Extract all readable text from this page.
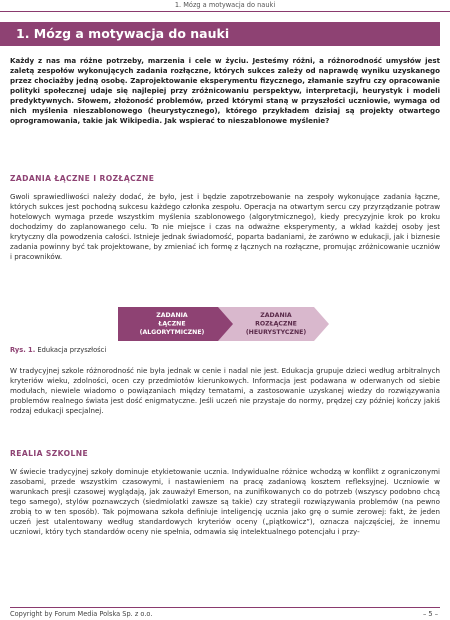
1. Mózg a motywacja do nauki
1. Mózg a motywacja do nauki

Każdy z nas ma różne potrzeby, marzenia i cele w życiu. Jesteśmy różni, a różnorodność umysłów jest zaletą zespołów wykonujących zadania rozłączne, których sukces zależy od naprawdę wyniku uzyskanego przez chociażby jedną osobę. Zaprojektowanie eksperymentu fizycznego, złamanie szyfru czy opracowanie polityki społecznej udaje się najlepiej przy zróżnicowaniu perspektyw, interpretacji, heurystyk i modeli predyktywnych. Słowem, złożoność problemów, przed którymi staną w przyszłości uczniowie, wymaga od nich myślenia nieszablonowego (heurystycznego), którego przykładem dzisiaj są projekty otwartego oprogramowania, takie jak Wikipedia. Jak wspierać to nieszablonowe myślenie?

ZADANIA ŁĄCZNE I ROZŁĄCZNE

Gwoli sprawiedliwości należy dodać, że było, jest i będzie zapotrzebowanie na zespoły wykonujące zadania łączne, których sukces jest pochodną sukcesu każdego członka zespołu. Operacja na otwartym sercu czy przyrządzanie potraw hotelowych wymaga przede wszystkim myślenia szablonowego (algorytmicznego), kiedy precyzyjnie krok po kroku dochodzimy do zaplanowanego celu. To nie miejsce i czas na odważne eksperymenty, a wkład każdej osoby jest krytyczny dla powodzenia całości. Istnieje jednak świadomość, poparta badaniami, że zarówno w edukacji, jak i biznesie zadania powinny być tak projektowane, by zmieniać ich formę z łącznych na rozłączne, promując zróżnicowanie uczniów i pracowników.

ZADANIA
ŁĄCZNE
(ALGORYTMICZNE)
ZADANIA
ROZŁĄCZNE
(HEURYSTYCZNE)
Rys. 1. Edukacja przyszłości

W tradycyjnej szkole różnorodność nie była jednak w cenie i nadal nie jest. Edukacja grupuje dzieci według arbitralnych kryteriów wieku, zdolności, ocen czy przedmiotów kierunkowych. Informacja jest podawana w oderwanych od siebie modułach, niewiele wiadomo o powiązaniach między tematami, a zastosowanie uzyskanej wiedzy do rozwiązywania problemów realnego świata jest dość enigmatyczne. Jeśli uczeń nie przystaje do normy, prędzej czy później kończy jakiś rodzaj edukacji specjalnej.

REALIA SZKOLNE

W świecie tradycyjnej szkoły dominuje etykietowanie ucznia. Indywidualne różnice wchodzą w konflikt z ograniczonymi zasobami, przede wszystkim czasowymi, i nastawieniem na pracę zadaniową kosztem refleksyjnej. Uczniowie w warunkach presji czasowej wyglądają, jak zauważył Emerson, na zunifikowanych co do potrzeb (wszyscy podobno chcą tego samego), stylów poznawczych (siedmiolatki zawsze są takie) czy strategii rozwiązywania problemów (na pewno zrobią to w ten sposób). Tak pojmowana szkoła definiuje inteligencję ucznia jako grę o sumie zerowej: fakt, że jeden uczeń jest utalentowany według standardowych kryteriów oceny („piątkowicz”), oznacza najczęściej, że innemu uczniowi, który tych standardów oceny nie spełnia, odmawia się intelektualnego potencjału i przy-

Copyright by Forum Media Polska Sp. z o.o.	– 5 –
